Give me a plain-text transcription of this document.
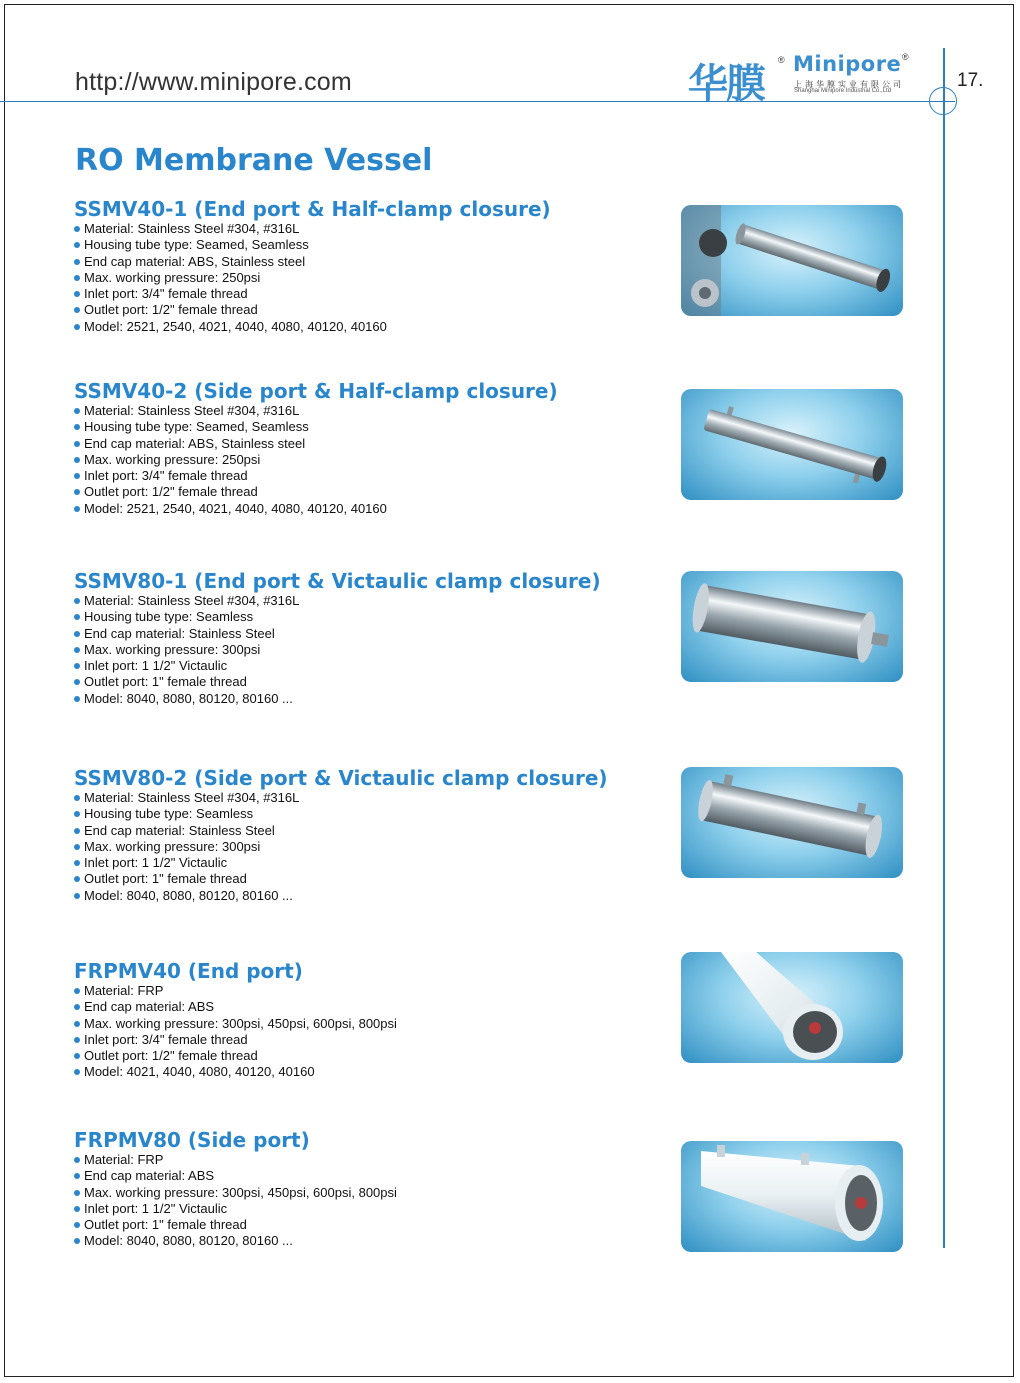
http://www.minipore.com	17.
华膜
® Minipore ®
上海华膜实业有限公司
Shanghai Minipore Industrial Co.,Ltd
RO Membrane Vessel
SSMV40-1 (End port & Half-clamp closure)
Material: Stainless Steel #304, #316L
Housing tube type: Seamed, Seamless
End cap material: ABS, Stainless steel
Max. working pressure: 250psi
Inlet port: 3/4" female thread
Outlet port: 1/2" female thread
Model: 2521, 2540, 4021, 4040, 4080, 40120, 40160
SSMV40-2 (Side port & Half-clamp closure)
Material: Stainless Steel #304, #316L
Housing tube type: Seamed, Seamless
End cap material: ABS, Stainless steel
Max. working pressure: 250psi
Inlet port: 3/4" female thread
Outlet port: 1/2" female thread
Model: 2521, 2540, 4021, 4040, 4080, 40120, 40160
SSMV80-1 (End port & Victaulic clamp closure)
Material: Stainless Steel #304, #316L
Housing tube type: Seamless
End cap material: Stainless Steel
Max. working pressure: 300psi
Inlet port: 1 1/2" Victaulic
Outlet port: 1" female thread
Model: 8040, 8080, 80120, 80160 ...
SSMV80-2 (Side port & Victaulic clamp closure)
Material: Stainless Steel #304, #316L
Housing tube type: Seamless
End cap material: Stainless Steel
Max. working pressure: 300psi
Inlet port: 1 1/2" Victaulic
Outlet port: 1" female thread
Model: 8040, 8080, 80120, 80160 ...
FRPMV40 (End port)
Material: FRP
End cap material: ABS
Max. working pressure: 300psi, 450psi, 600psi, 800psi
Inlet port: 3/4" female thread
Outlet port: 1/2" female thread
Model: 4021, 4040, 4080, 40120, 40160
FRPMV80 (Side port)
Material: FRP
End cap material: ABS
Max. working pressure: 300psi, 450psi, 600psi, 800psi
Inlet port: 1 1/2" Victaulic
Outlet port: 1" female thread
Model: 8040, 8080, 80120, 80160 ...
